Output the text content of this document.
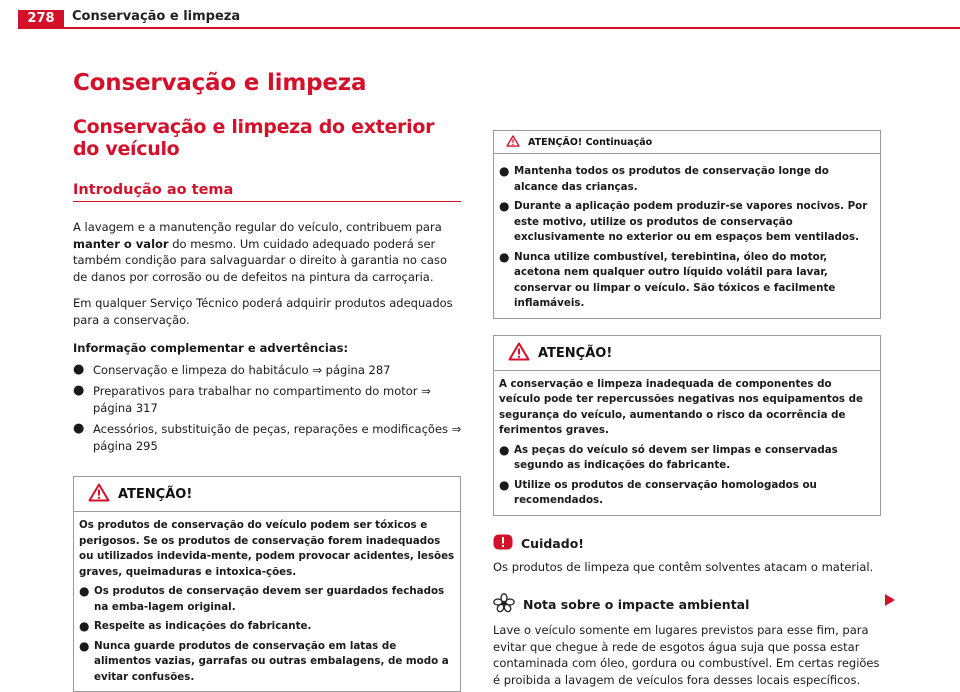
278	Conservação e limpeza
Conservação e limpeza
Conservação e limpeza do exterior do veículo
Introdução ao tema

A lavagem e a manutenção regular do veículo, contribuem para manter o valor do mesmo. Um cuidado adequado poderá ser também condição para salvaguardar o direito à garantia no caso de danos por corrosão ou de defeitos na pintura da carroçaria.

Em qualquer Serviço Técnico poderá adquirir produtos adequados para a conservação.

Informação complementar e advertências:

● Conservação e limpeza do habitáculo ⇒ página 287
● Preparativos para trabalhar no compartimento do motor ⇒ página 317
● Acessórios, substituição de peças, reparações e modificações ⇒ página 295
ATENÇÃO!

Os produtos de conservação do veículo podem ser tóxicos e perigosos. Se os produtos de conservação forem inadequados ou utilizados indevida-mente, podem provocar acidentes, lesões graves, queimaduras e intoxica-ções.

● Os produtos de conservação devem ser guardados fechados na emba-lagem original.
● Respeite as indicações do fabricante.
● Nunca guarde produtos de conservação em latas de alimentos vazias, garrafas ou outras embalagens, de modo a evitar confusões.
ATENÇÃO! Continuação
● Mantenha todos os produtos de conservação longe do alcance das crianças.
● Durante a aplicação podem produzir-se vapores nocivos. Por este motivo, utilize os produtos de conservação exclusivamente no exterior ou em espaços bem ventilados.
● Nunca utilize combustível, terebintina, óleo do motor, acetona nem qualquer outro líquido volátil para lavar, conservar ou limpar o veículo. São tóxicos e facilmente inflamáveis.
ATENÇÃO!

A conservação e limpeza inadequada de componentes do veículo pode ter repercussões negativas nos equipamentos de segurança do veículo, aumentando o risco da ocorrência de ferimentos graves.

● As peças do veículo só devem ser limpas e conservadas segundo as indicações do fabricante.
● Utilize os produtos de conservação homologados ou recomendados.
Cuidado!

Os produtos de limpeza que contêm solventes atacam o material.

Nota sobre o impacte ambiental

Lave o veículo somente em lugares previstos para esse fim, para evitar que chegue à rede de esgotos água suja que possa estar contaminada com óleo, gordura ou combustível. Em certas regiões é proibida a lavagem de veículos fora desses locais específicos.
